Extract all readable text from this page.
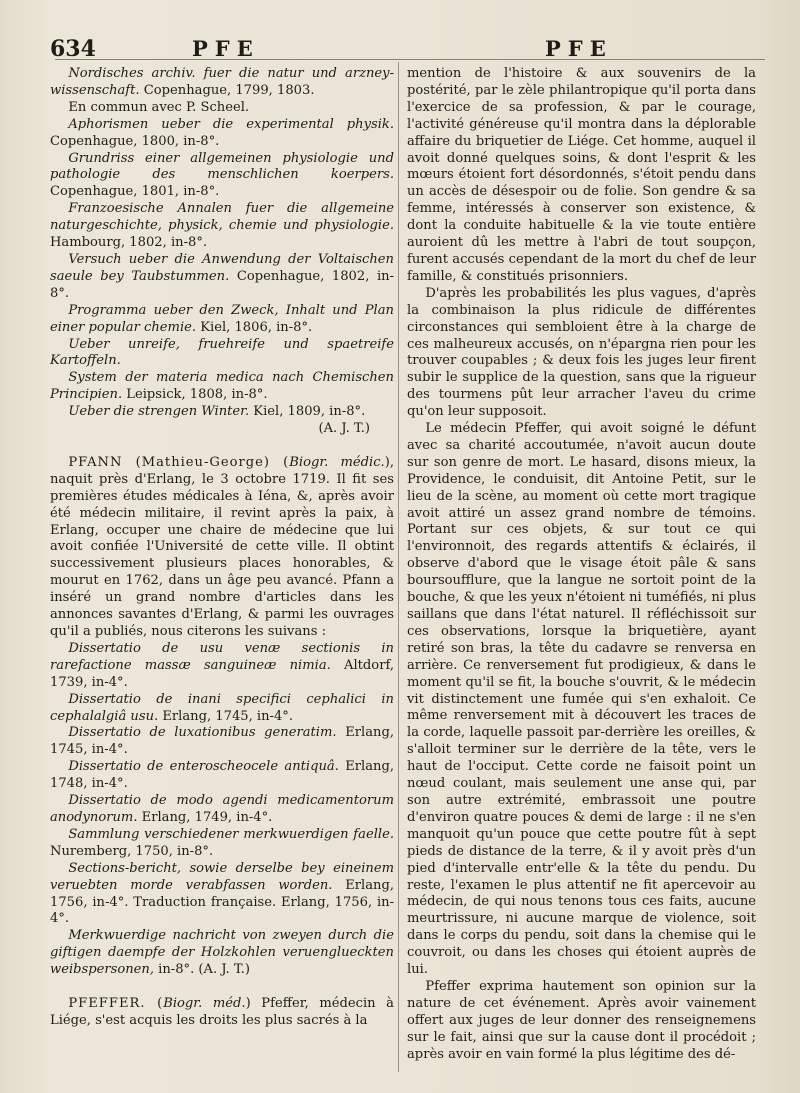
634	PFE	PFE

Nordisches archiv. fuer die natur und arzney-wissenschaft. Copenhague, 1799, 1803.

En commun avec P. Scheel.

Aphorismen ueber die experimental physik. Copenhague, 1800, in-8°.

Grundriss einer allgemeinen physiologie und pathologie des menschlichen koerpers. Copenhague, 1801, in-8°.

Franzoesische Annalen fuer die allgemeine naturgeschichte, physick, chemie und physiologie. Hambourg, 1802, in-8°.

Versuch ueber die Anwendung der Voltaischen saeule bey Taubstummen. Copenhague, 1802, in-8°.

Programma ueber den Zweck, Inhalt und Plan einer popular chemie. Kiel, 1806, in-8°.

Ueber unreife, fruehreife und spaetreife Kartoffeln.

System der materia medica nach Chemischen Principien. Leipsick, 1808, in-8°.

Ueber die strengen Winter. Kiel, 1809, in-8°.

(A. J. T.)

PFANN (Mathieu-George) (Biogr. médic.), naquit près d'Erlang, le 3 octobre 1719. Il fit ses premières études médicales à Iéna, &, après avoir été médecin militaire, il revint après la paix, à Erlang, occuper une chaire de médecine que lui avoit confiée l'Université de cette ville. Il obtint successivement plusieurs places honorables, & mourut en 1762, dans un âge peu avancé. Pfann a inséré un grand nombre d'articles dans les annonces savantes d'Erlang, & parmi les ouvrages qu'il a publiés, nous citerons les suivans :

Dissertatio de usu venæ sectionis in rarefactione massæ sanguineæ nimia. Altdorf, 1739, in-4°.

Dissertatio de inani specifici cephalici in cephalalgiâ usu. Erlang, 1745, in-4°.

Dissertatio de luxationibus generatim. Erlang, 1745, in-4°.

Dissertatio de enteroscheocele antiquâ. Erlang, 1748, in-4°.

Dissertatio de modo agendi medicamentorum anodynorum. Erlang, 1749, in-4°.

Sammlung verschiedener merkwuerdigen faelle. Nuremberg, 1750, in-8°.

Sections-bericht, sowie derselbe bey eineinem veruebten morde verabfassen worden. Erlang, 1756, in-4°. Traduction française. Erlang, 1756, in-4°.

Merkwuerdige nachricht von zweyen durch die giftigen daempfe der Holzkohlen veruenglueckten weibspersonen, in-8°. (A. J. T.)

PFEFFER. (Biogr. méd.) Pfeffer, médecin à Liége, s'est acquis les droits les plus sacrés à la

mention de l'histoire & aux souvenirs de la postérité, par le zèle philantropique qu'il porta dans l'exercice de sa profession, & par le courage, l'activité généreuse qu'il montra dans la déplorable affaire du briquetier de Liége. Cet homme, auquel il avoit donné quelques soins, & dont l'esprit & les mœurs étoient fort désordonnés, s'étoit pendu dans un accès de désespoir ou de folie. Son gendre & sa femme, intéressés à conserver son existence, & dont la conduite habituelle & la vie toute entière auroient dû les mettre à l'abri de tout soupçon, furent accusés cependant de la mort du chef de leur famille, & constitués prisonniers.

D'après les probabilités les plus vagues, d'après la combinaison la plus ridicule de différentes circonstances qui sembloient être à la charge de ces malheureux accusés, on n'épargna rien pour les trouver coupables ; & deux fois les juges leur firent subir le supplice de la question, sans que la rigueur des tourmens pût leur arracher l'aveu du crime qu'on leur supposoit.

Le médecin Pfeffer, qui avoit soigné le défunt avec sa charité accoutumée, n'avoit aucun doute sur son genre de mort. Le hasard, disons mieux, la Providence, le conduisit, dit Antoine Petit, sur le lieu de la scène, au moment où cette mort tragique avoit attiré un assez grand nombre de témoins. Portant sur ces objets, & sur tout ce qui l'environnoit, des regards attentifs & éclairés, il observe d'abord que le visage étoit pâle & sans boursoufflure, que la langue ne sortoit point de la bouche, & que les yeux n'étoient ni tuméfiés, ni plus saillans que dans l'état naturel. Il réfléchissoit sur ces observations, lorsque la briquetière, ayant retiré son bras, la tête du cadavre se renversa en arrière. Ce renversement fut prodigieux, & dans le moment qu'il se fit, la bouche s'ouvrit, & le médecin vit distinctement une fumée qui s'en exhaloit. Ce même renversement mit à découvert les traces de la corde, laquelle passoit par-derrière les oreilles, & s'alloit terminer sur le derrière de la tête, vers le haut de l'occiput. Cette corde ne faisoit point un nœud coulant, mais seulement une anse qui, par son autre extrémité, embrassoit une poutre d'environ quatre pouces & demi de large : il ne s'en manquoit qu'un pouce que cette poutre fût à sept pieds de distance de la terre, & il y avoit près d'un pied d'intervalle entr'elle & la tête du pendu. Du reste, l'examen le plus attentif ne fit apercevoir au médecin, de qui nous tenons tous ces faits, aucune meurtrissure, ni aucune marque de violence, soit dans le corps du pendu, soit dans la chemise qui le couvroit, ou dans les choses qui étoient auprès de lui.

Pfeffer exprima hautement son opinion sur la nature de cet événement. Après avoir vainement offert aux juges de leur donner des renseignemens sur le fait, ainsi que sur la cause dont il procédoit ; après avoir en vain formé la plus légitime des dé-
